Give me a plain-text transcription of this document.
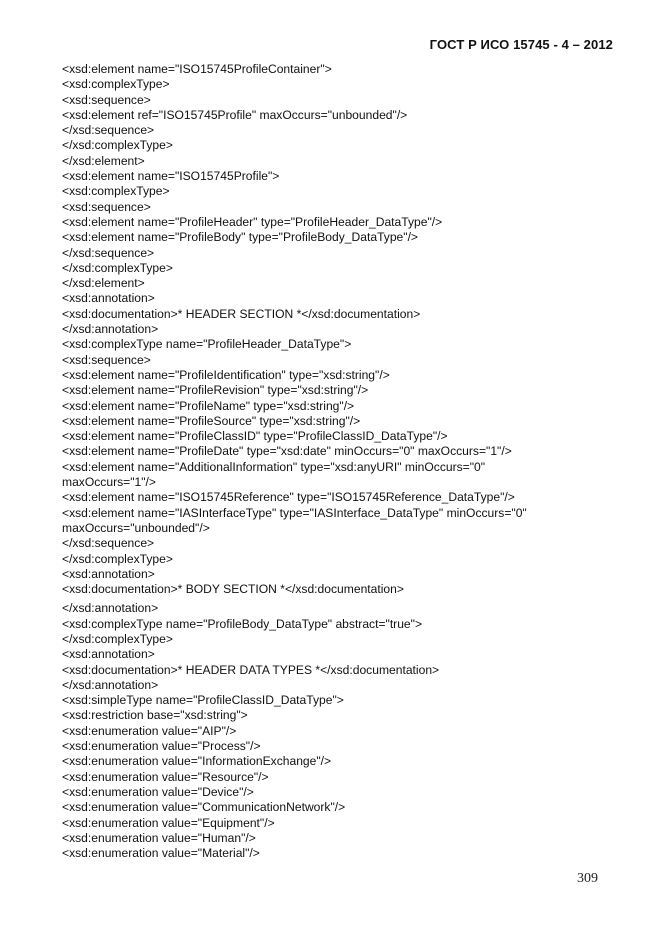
ГОСТ Р ИСО 15745 - 4 – 2012
<xsd:element name="ISO15745ProfileContainer">
<xsd:complexType>
<xsd:sequence>
<xsd:element ref="ISO15745Profile" maxOccurs="unbounded"/>
</xsd:sequence>
</xsd:complexType>
</xsd:element>
<xsd:element name="ISO15745Profile">
<xsd:complexType>
<xsd:sequence>
<xsd:element name="ProfileHeader" type="ProfileHeader_DataType"/>
<xsd:element name="ProfileBody" type="ProfileBody_DataType"/>
</xsd:sequence>
</xsd:complexType>
</xsd:element>
<xsd:annotation>
<xsd:documentation>* HEADER SECTION *</xsd:documentation>
</xsd:annotation>
<xsd:complexType name="ProfileHeader_DataType">
<xsd:sequence>
<xsd:element name="ProfileIdentification" type="xsd:string"/>
<xsd:element name="ProfileRevision" type="xsd:string"/>
<xsd:element name="ProfileName" type="xsd:string"/>
<xsd:element name="ProfileSource" type="xsd:string"/>
<xsd:element name="ProfileClassID" type="ProfileClassID_DataType"/>
<xsd:element name="ProfileDate" type="xsd:date" minOccurs="0" maxOccurs="1"/>
<xsd:element name="AdditionalInformation" type="xsd:anyURI" minOccurs="0"
maxOccurs="1"/>
<xsd:element name="ISO15745Reference" type="ISO15745Reference_DataType"/>
<xsd:element name="IASInterfaceType" type="IASInterface_DataType" minOccurs="0"
maxOccurs="unbounded"/>
</xsd:sequence>
</xsd:complexType>
<xsd:annotation>
<xsd:documentation>* BODY SECTION *</xsd:documentation>
</xsd:annotation>
<xsd:complexType name="ProfileBody_DataType" abstract="true">
</xsd:complexType>
<xsd:annotation>
<xsd:documentation>* HEADER DATA TYPES *</xsd:documentation>
</xsd:annotation>
<xsd:simpleType name="ProfileClassID_DataType">
<xsd:restriction base="xsd:string">
<xsd:enumeration value="AIP"/>
<xsd:enumeration value="Process"/>
<xsd:enumeration value="InformationExchange"/>
<xsd:enumeration value="Resource"/>
<xsd:enumeration value="Device"/>
<xsd:enumeration value="CommunicationNetwork"/>
<xsd:enumeration value="Equipment"/>
<xsd:enumeration value="Human"/>
<xsd:enumeration value="Material"/>
309
